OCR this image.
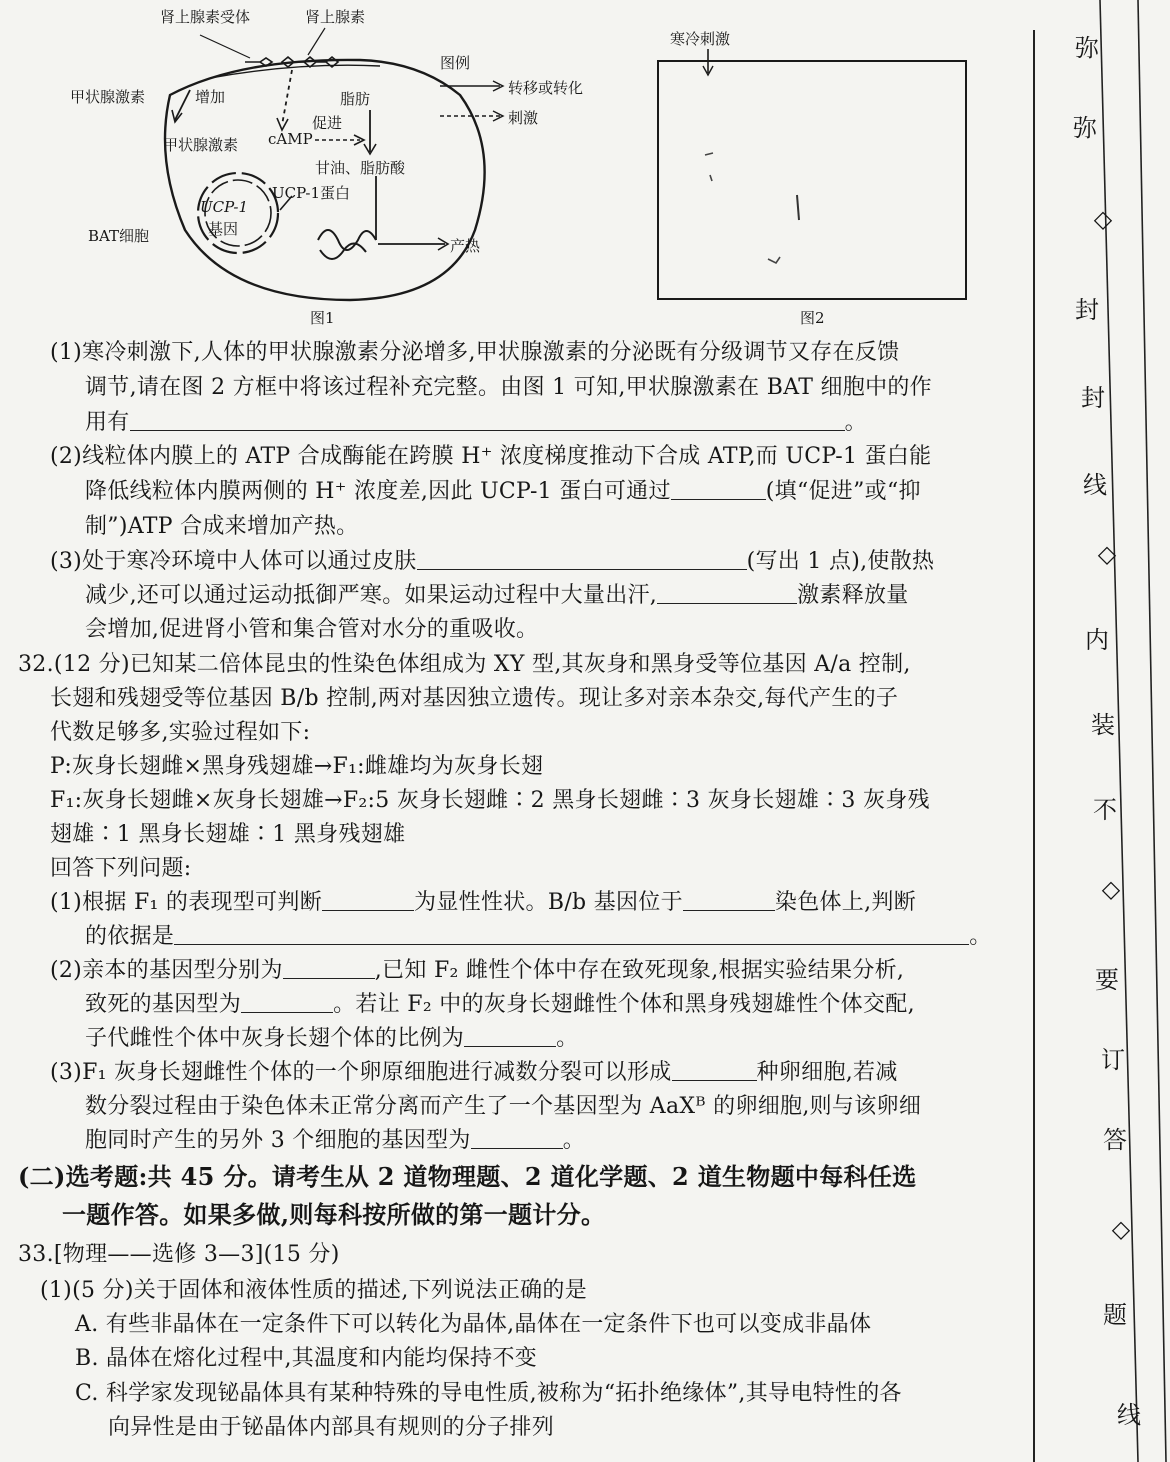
肾上腺素受体	肾上腺素
甲状腺激素	增加
甲状腺激素 cAMP
促进
脂肪
甘油、脂肪酸
UCP-1蛋白
UCP-1
基因
BAT细胞
产热
图例
转移或转化
刺激
图1
寒冷刺激
图2
(1)寒冷刺激下,人体的甲状腺激素分泌增多,甲状腺激素的分泌既有分级调节又存在反馈
调节,请在图 2 方框中将该过程补充完整。由图 1 可知,甲状腺激素在 BAT 细胞中的作
用有	。
(2)线粒体内膜上的 ATP 合成酶能在跨膜 H⁺ 浓度梯度推动下合成 ATP,而 UCP-1 蛋白能
降低线粒体内膜两侧的 H⁺ 浓度差,因此 UCP-1 蛋白可通过	(填“促进”或“抑
制”)ATP 合成来增加产热。
(3)处于寒冷环境中人体可以通过皮肤	(写出 1 点),使散热
减少,还可以通过运动抵御严寒。如果运动过程中大量出汗,	激素释放量
会增加,促进肾小管和集合管对水分的重吸收。
32.(12 分)已知某二倍体昆虫的性染色体组成为 XY 型,其灰身和黑身受等位基因 A/a 控制,
长翅和残翅受等位基因 B/b 控制,两对基因独立遗传。现让多对亲本杂交,每代产生的子
代数足够多,实验过程如下:
P:灰身长翅雌×黑身残翅雄→F₁:雌雄均为灰身长翅
F₁:灰身长翅雌×灰身长翅雄→F₂:5 灰身长翅雌∶2 黑身长翅雌∶3 灰身长翅雄∶3 灰身残
翅雄∶1 黑身长翅雄∶1 黑身残翅雄
回答下列问题:
(1)根据 F₁ 的表现型可判断	为显性性状。B/b 基因位于	染色体上,判断
的依据是	。
(2)亲本的基因型分别为	,已知 F₂ 雌性个体中存在致死现象,根据实验结果分析,
致死的基因型为	。若让 F₂ 中的灰身长翅雌性个体和黑身残翅雄性个体交配,
子代雌性个体中灰身长翅个体的比例为	。
(3)F₁ 灰身长翅雌性个体的一个卵原细胞进行减数分裂可以形成	种卵细胞,若减
数分裂过程由于染色体未正常分离而产生了一个基因型为 AaXᴮ 的卵细胞,则与该卵细
胞同时产生的另外 3 个细胞的基因型为	。
(二)选考题:共 45 分。请考生从 2 道物理题、2 道化学题、2 道生物题中每科任选
一题作答。如果多做,则每科按所做的第一题计分。
33.[物理——选修 3—3](15 分)
(1)(5 分)关于固体和液体性质的描述,下列说法正确的是
A. 有些非晶体在一定条件下可以转化为晶体,晶体在一定条件下也可以变成非晶体
B. 晶体在熔化过程中,其温度和内能均保持不变
C. 科学家发现铋晶体具有某种特殊的导电性质,被称为“拓扑绝缘体”,其导电特性的各
向异性是由于铋晶体内部具有规则的分子排列
弥
弥
◇
封
封
线
◇
内
装
不
◇
要
订
答
◇
题
线
